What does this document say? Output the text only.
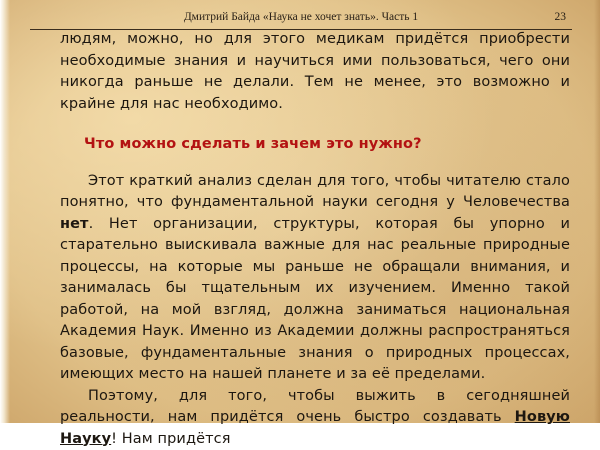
Дмитрий Байда «Наука не хочет знать». Часть 1	23

людям, можно, но для этого медикам придётся приобрести необходимые знания и научиться ими пользоваться, чего они никогда раньше не делали. Тем не менее, это возможно и крайне для нас необходимо.

Что можно сделать и зачем это нужно?

Этот краткий анализ сделан для того, чтобы читателю стало понятно, что фундаментальной науки сегодня у Человечества нет. Нет организации, структуры, которая бы упорно и старательно выискивала важные для нас реальные природные процессы, на которые мы раньше не обращали внимания, и занималась бы тщательным их изучением. Именно такой работой, на мой взгляд, должна заниматься национальная Академия Наук. Именно из Академии должны распространяться базовые, фундаментальные знания о природных процессах, имеющих место на нашей планете и за её пределами.

Поэтому, для того, чтобы выжить в сегодняшней реальности, нам придётся очень быстро создавать Новую Науку! Нам придётся
